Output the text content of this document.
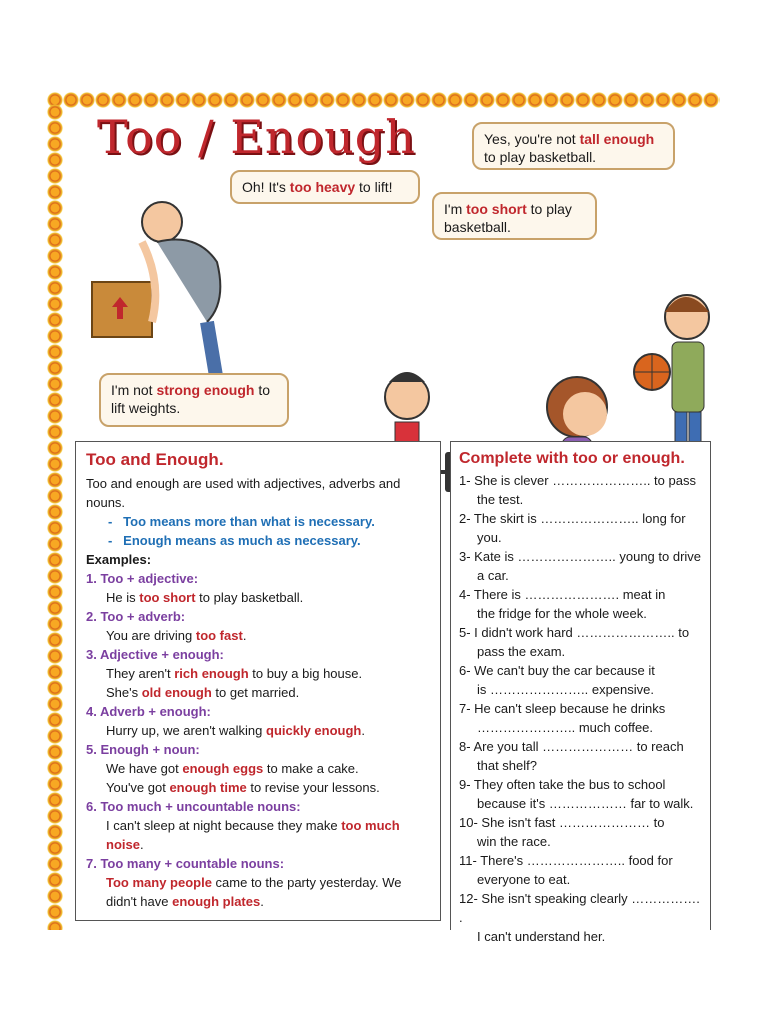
Too / Enough	Yes, you're not tall enough to play basketball.
Oh! It's too heavy to lift!
I'm too short to play basketball.
I'm not strong enough to lift weights.
Too and Enough.
Too and enough are used with adjectives, adverbs and nouns.
-   Too means more than what is necessary.
-   Enough means as much as necessary.
Examples:
1. Too + adjective:
He is too short to play basketball.
2. Too + adverb:
You are driving too fast.
3. Adjective + enough:
They aren't rich enough to buy a big house.
She's old enough to get married.
4. Adverb + enough:
Hurry up, we aren't walking quickly enough.
5. Enough + noun:
We have got enough eggs to make a cake.
You've got enough time to revise your lessons.
6. Too much + uncountable nouns:
I can't sleep at night because they make too much noise.
7. Too many + countable nouns:
Too many people came to the party yesterday. We didn't have enough plates.
Complete with too or enough.
1- She is clever ………………….. to pass
the test.
2- The skirt is ………………….. long for
you.
3- Kate is ………………….. young to drive
a car.
4- There is …………………. meat in
the fridge for the whole week.
5- I didn't work hard ………………….. to
pass the exam.
6- We can't buy the car because it
is ………………….. expensive.
7- He can't sleep because he drinks
………………….. much coffee.
8- Are you tall ………………… to reach
that shelf?
9- They often take the bus to school
because it's ……………… far to walk.
10- She isn't fast ………………… to
win the race.
11- There's ………………….. food for
everyone to eat.
12- She isn't speaking clearly ……………. .
I can't understand her.
